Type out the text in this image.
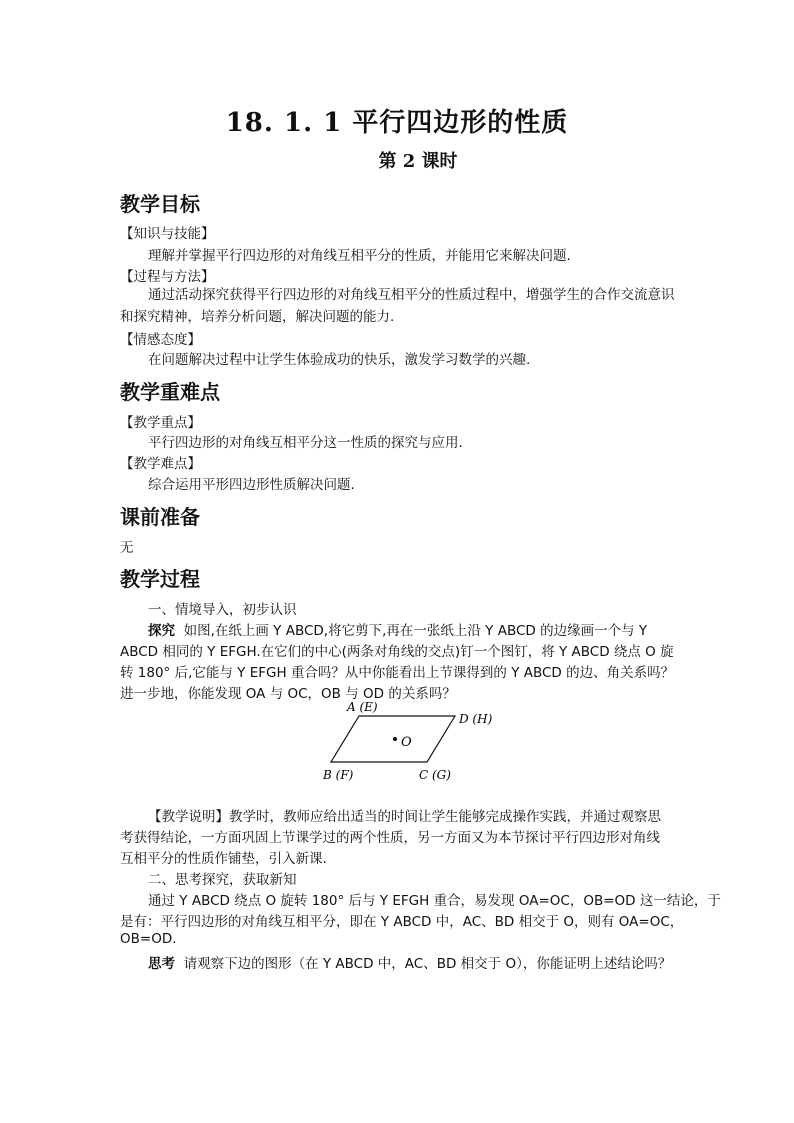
18. 1. 1 平行四边形的性质
第 2 课时
教学目标
【知识与技能】
理解并掌握平行四边形的对角线互相平分的性质，并能用它来解决问题.
【过程与方法】
通过活动探究获得平行四边形的对角线互相平分的性质过程中，增强学生的合作交流意识和探究精神，培养分析问题，解决问题的能力.
【情感态度】
在问题解决过程中让学生体验成功的快乐，激发学习数学的兴趣.
教学重难点
【教学重点】
平行四边形的对角线互相平分这一性质的探究与应用.
【教学难点】
综合运用平形四边形性质解决问题.
课前准备
无
教学过程
一、情境导入，初步认识
探究 如图,在纸上画 Y ABCD,将它剪下,再在一张纸上沿 Y ABCD 的边缘画一个与 Y
ABCD 相同的 Y EFGH.在它们的中心(两条对角线的交点)钉一个图钉，将 Y ABCD 绕点 O 旋
转 180° 后,它能与 Y EFGH 重合吗？从中你能看出上节课得到的 Y ABCD 的边、角关系吗？
进一步地，你能发现 OA 与 OC，OB 与 OD 的关系吗？
O
A (E)
D (H)
B (F)	C (G)
【教学说明】教学时，教师应给出适当的时间让学生能够完成操作实践，并通过观察思
考获得结论，一方面巩固上节课学过的两个性质，另一方面又为本节探讨平行四边形对角线
互相平分的性质作铺垫，引入新课.
二、思考探究，获取新知
通过 Y ABCD 绕点 O 旋转 180° 后与 Y EFGH 重合，易发现 OA=OC，OB=OD 这一结论，于
是有：平行四边形的对角线互相平分，即在 Y ABCD 中，AC、BD 相交于 O，则有 OA=OC，
OB=OD.
思考 请观察下边的图形（在 Y ABCD 中，AC、BD 相交于 O），你能证明上述结论吗？
